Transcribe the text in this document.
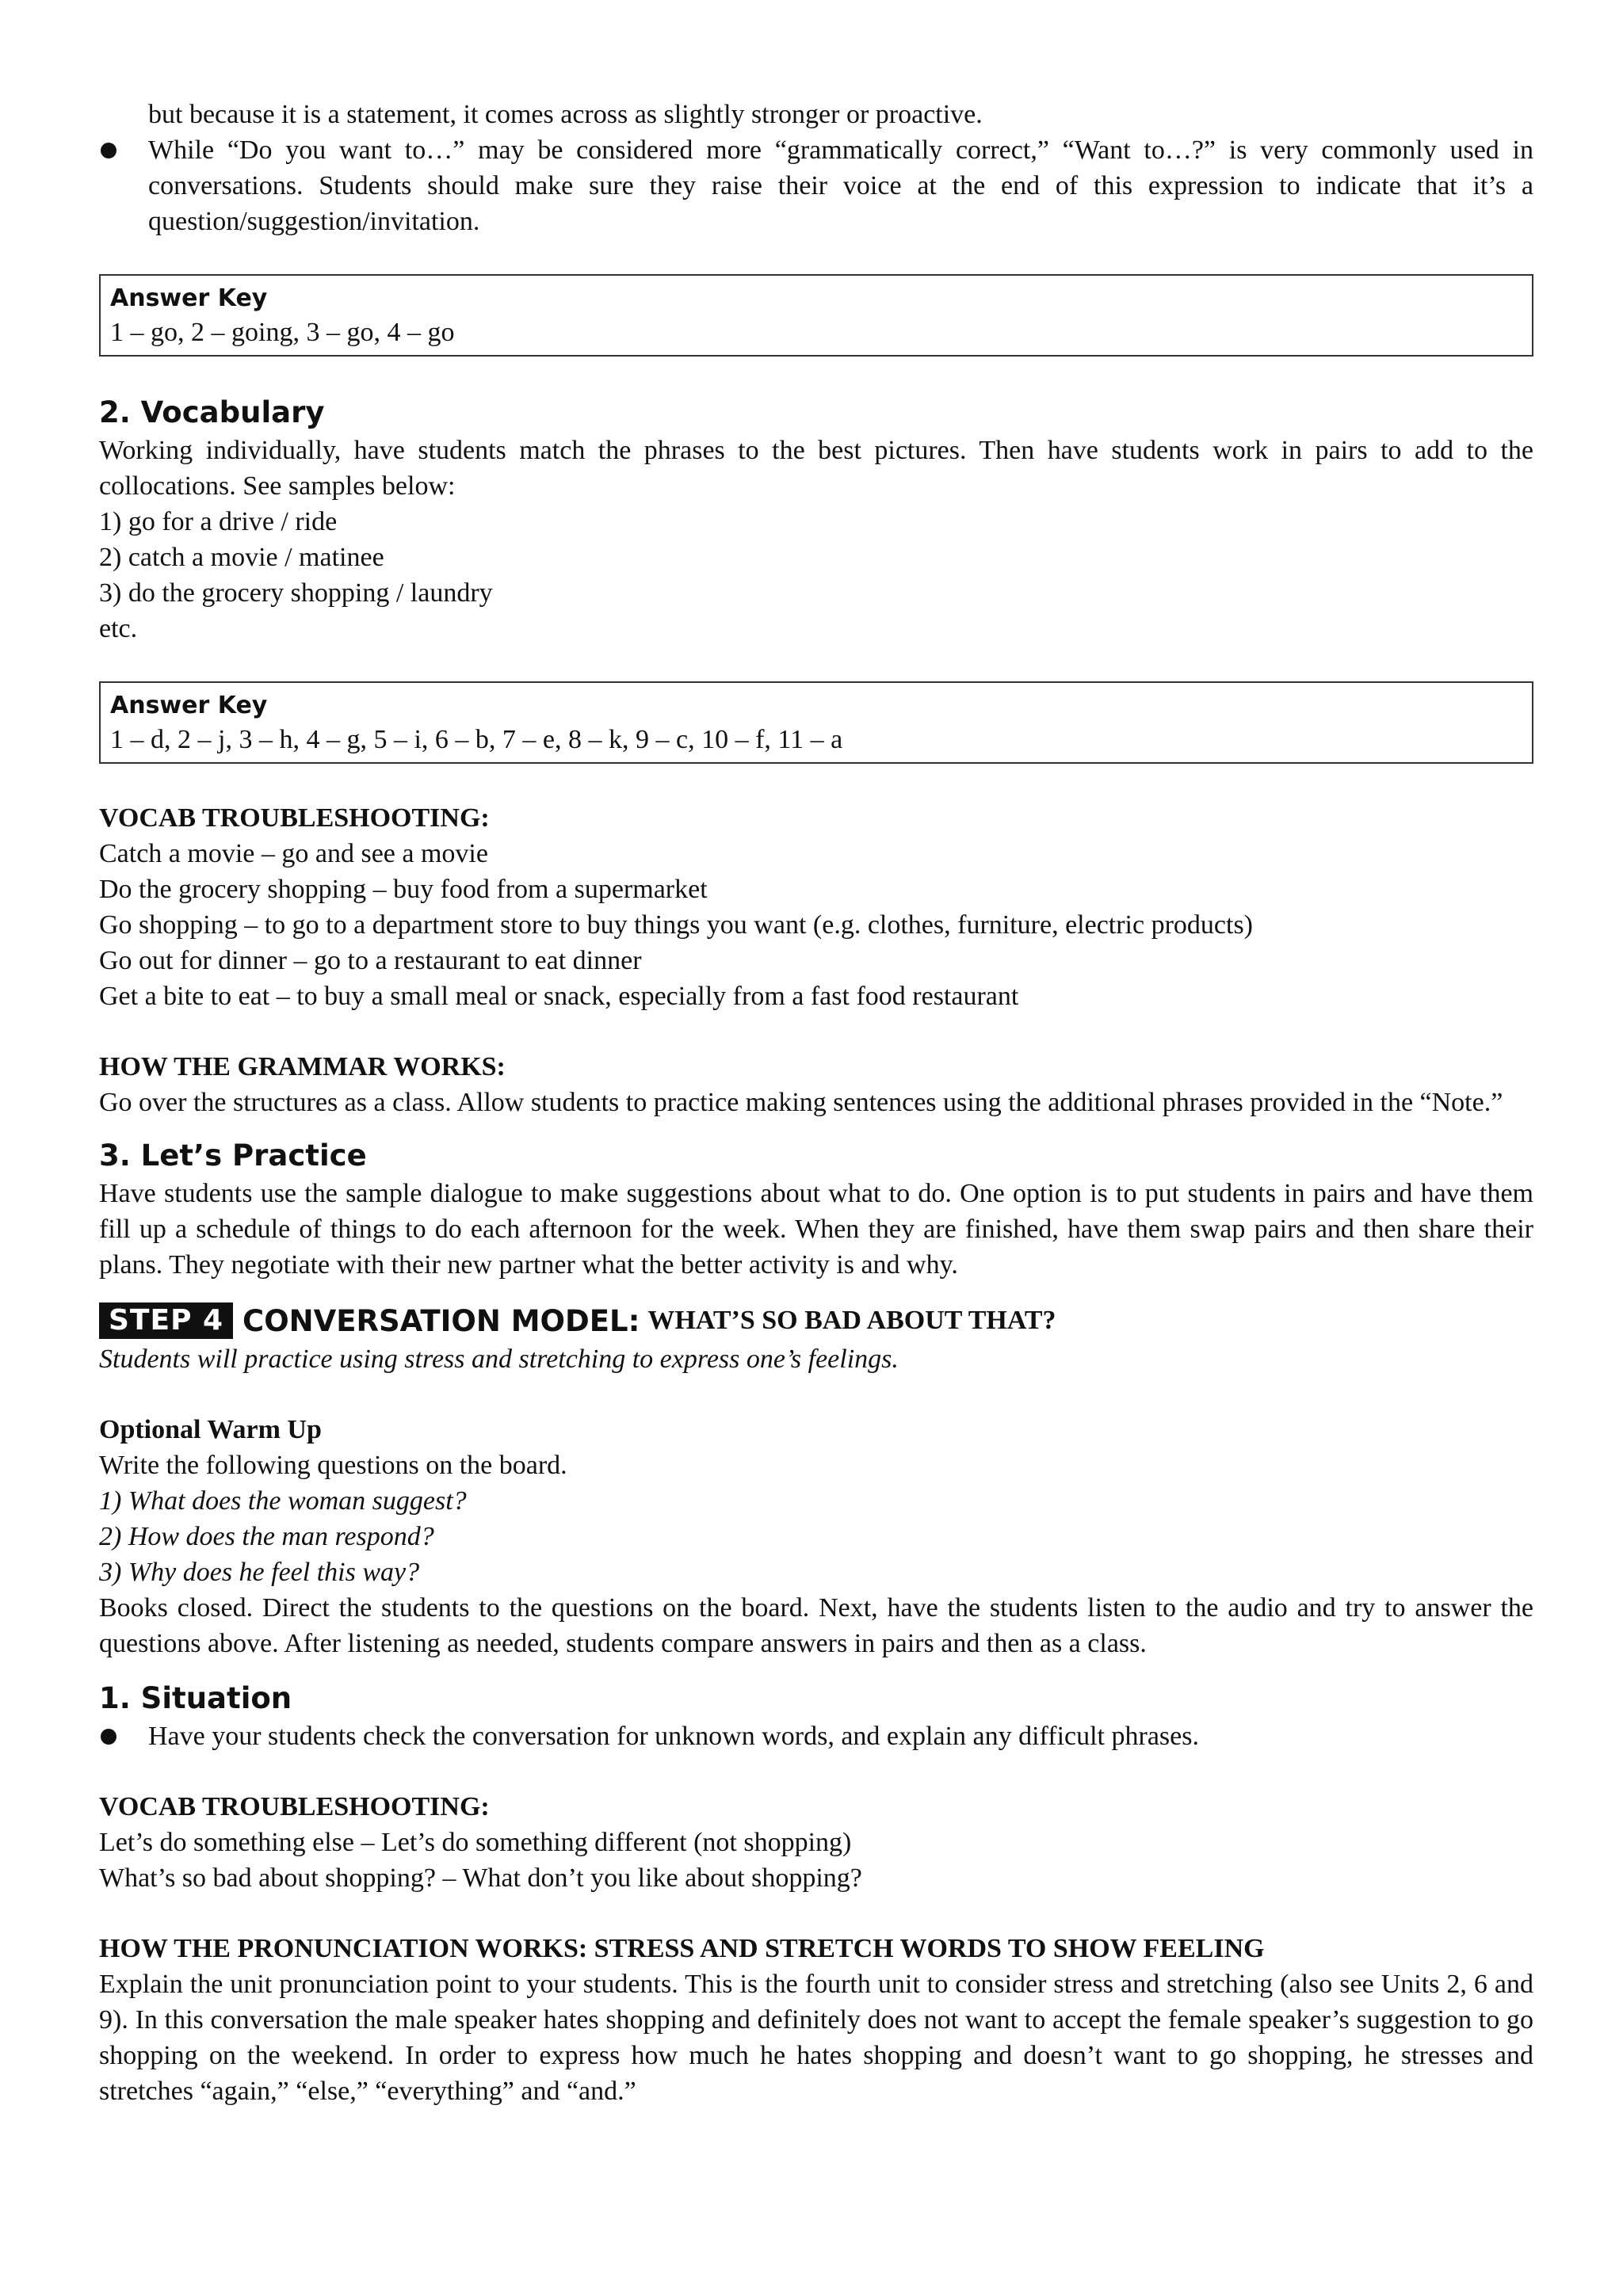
but because it is a statement, it comes across as slightly stronger or proactive.
While “Do you want to…” may be considered more “grammatically correct,” “Want to…?” is very commonly used in conversations. Students should make sure they raise their voice at the end of this expression to indicate that it’s a question/suggestion/invitation.
Answer Key
1 – go, 2 – going, 3 – go, 4 – go
2. Vocabulary

Working individually, have students match the phrases to the best pictures. Then have students work in pairs to add to the collocations. See samples below:

1) go for a drive / ride

2) catch a movie / matinee

3) do the grocery shopping / laundry

etc.

Answer Key
1 – d, 2 – j, 3 – h, 4 – g, 5 – i, 6 – b, 7 – e, 8 – k, 9 – c, 10 – f, 11 – a

VOCAB TROUBLESHOOTING:

Catch a movie – go and see a movie

Do the grocery shopping – buy food from a supermarket

Go shopping – to go to a department store to buy things you want (e.g. clothes, furniture, electric products)

Go out for dinner – go to a restaurant to eat dinner

Get a bite to eat – to buy a small meal or snack, especially from a fast food restaurant

HOW THE GRAMMAR WORKS:

Go over the structures as a class. Allow students to practice making sentences using the additional phrases provided in the “Note.”

3. Let’s Practice

Have students use the sample dialogue to make suggestions about what to do. One option is to put students in pairs and have them fill up a schedule of things to do each afternoon for the week. When they are finished, have them swap pairs and then share their plans. They negotiate with their new partner what the better activity is and why.

STEP 4 CONVERSATION MODEL: WHAT’S SO BAD ABOUT THAT?

Students will practice using stress and stretching to express one’s feelings.

Optional Warm Up

Write the following questions on the board.

1) What does the woman suggest?

2) How does the man respond?

3) Why does he feel this way?

Books closed. Direct the students to the questions on the board. Next, have the students listen to the audio and try to answer the questions above. After listening as needed, students compare answers in pairs and then as a class.

1. Situation
Have your students check the conversation for unknown words, and explain any difficult phrases.

VOCAB TROUBLESHOOTING:

Let’s do something else – Let’s do something different (not shopping)

What’s so bad about shopping? – What don’t you like about shopping?

HOW THE PRONUNCIATION WORKS: STRESS AND STRETCH WORDS TO SHOW FEELING

Explain the unit pronunciation point to your students. This is the fourth unit to consider stress and stretching (also see Units 2, 6 and 9). In this conversation the male speaker hates shopping and definitely does not want to accept the female speaker’s suggestion to go shopping on the weekend. In order to express how much he hates shopping and doesn’t want to go shopping, he stresses and stretches “again,” “else,” “everything” and “and.”
